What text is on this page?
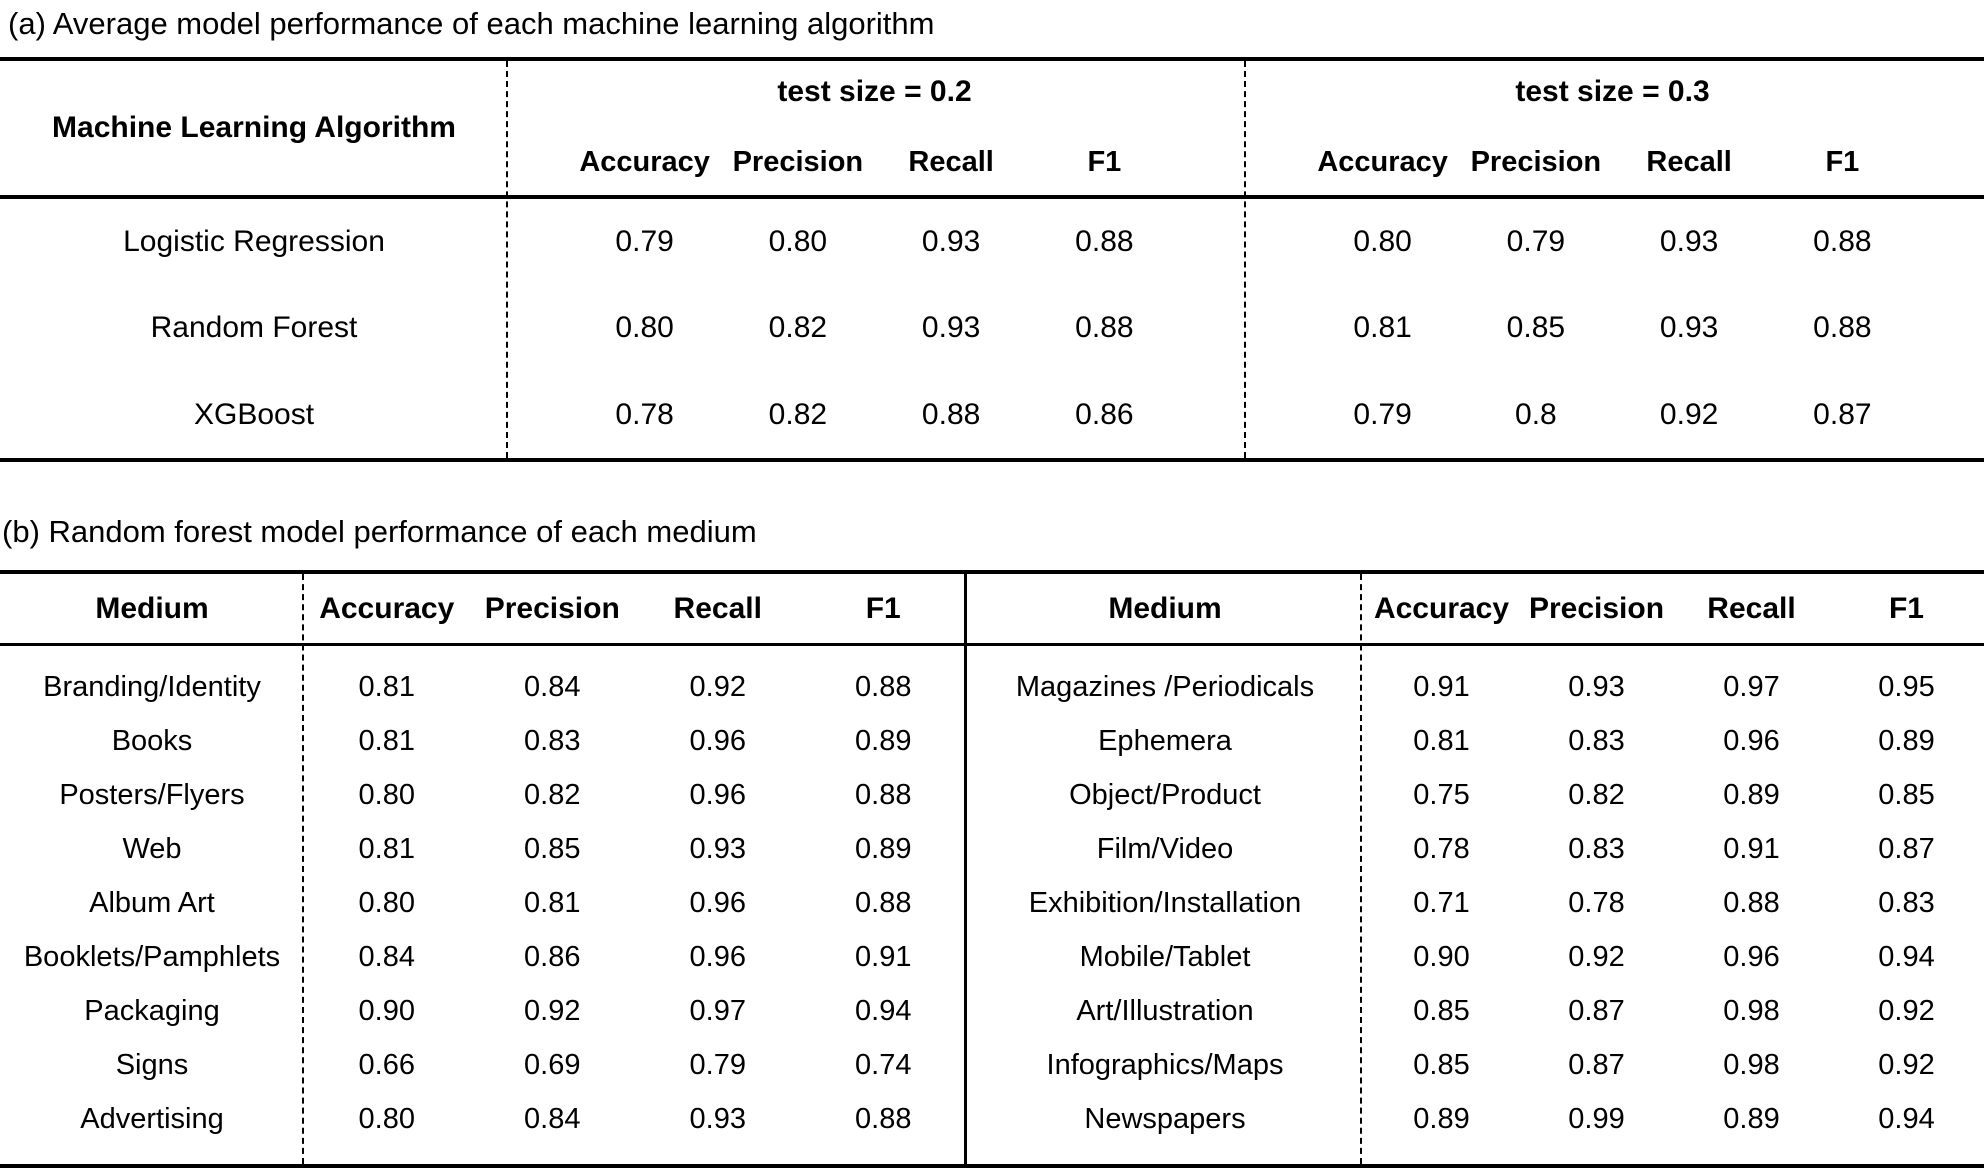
(a) Average model performance of each machine learning algorithm
Machine Learning Algorithm
test size = 0.2
Accuracy Precision	Recall	F1
test size = 0.3
Accuracy Precision	Recall	F1
Logistic Regression	0.79	0.80	0.93	0.88	0.80	0.79	0.93	0.88
Random Forest	0.80	0.82	0.93	0.88	0.81	0.85	0.93	0.88
XGBoost	0.78	0.82	0.88	0.86	0.79	0.8	0.92	0.87
(b) Random forest model performance of each medium
Medium	Accuracy	Precision	Recall	F1	Medium	Accuracy Precision	Recall	F1
Branding/Identity	0.81	0.84	0.92	0.88	Magazines /Periodicals	0.91	0.93	0.97	0.95
Books	0.81	0.83	0.96	0.89	Ephemera	0.81	0.83	0.96	0.89
Posters/Flyers	0.80	0.82	0.96	0.88	Object/Product	0.75	0.82	0.89	0.85
Web	0.81	0.85	0.93	0.89	Film/Video	0.78	0.83	0.91	0.87
Album Art	0.80	0.81	0.96	0.88	Exhibition/Installation	0.71	0.78	0.88	0.83
Booklets/Pamphlets	0.84	0.86	0.96	0.91	Mobile/Tablet	0.90	0.92	0.96	0.94
Packaging	0.90	0.92	0.97	0.94	Art/Illustration	0.85	0.87	0.98	0.92
Signs	0.66	0.69	0.79	0.74	Infographics/Maps	0.85	0.87	0.98	0.92
Advertising	0.80	0.84	0.93	0.88	Newspapers	0.89	0.99	0.89	0.94
